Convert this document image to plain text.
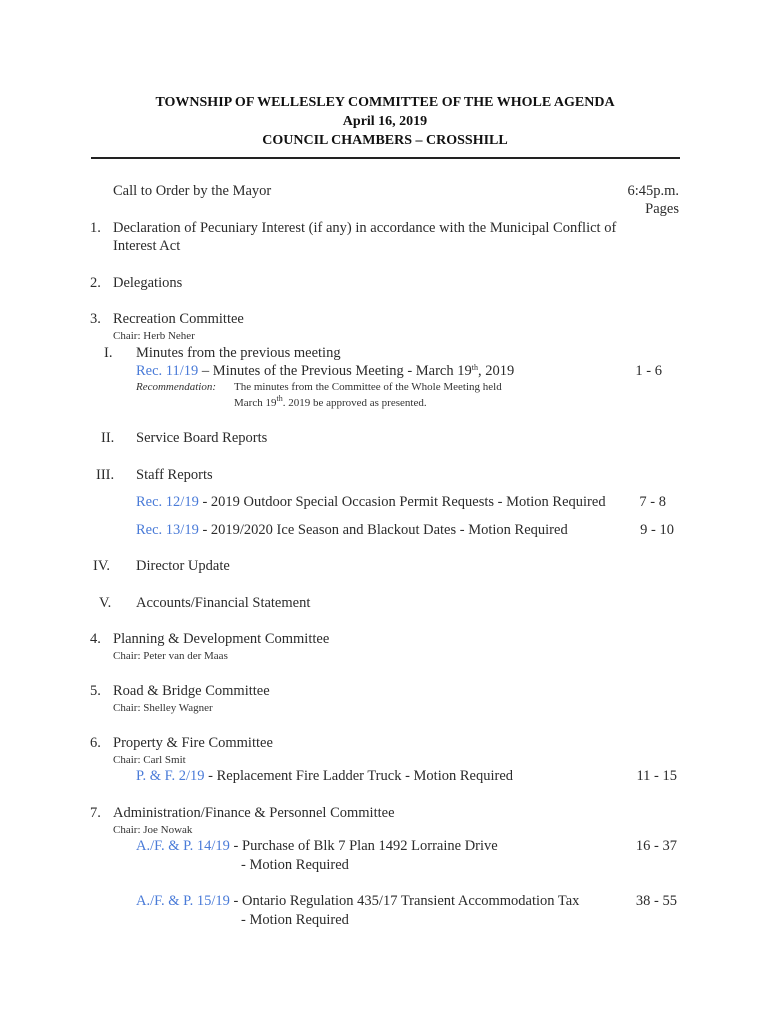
TOWNSHIP OF WELLESLEY COMMITTEE OF THE WHOLE AGENDA
April 16, 2019
COUNCIL CHAMBERS – CROSSHILL
Call to Order by the Mayor	6:45p.m.
Pages
1. Declaration of Pecuniary Interest (if any) in accordance with the Municipal Conflict of
Interest Act
2. Delegations
3. Recreation Committee
Chair: Herb Neher
I. Minutes from the previous meeting
Rec. 11/19 – Minutes of the Previous Meeting - March 19th, 2019	1 - 6
Recommendation: The minutes from the Committee of the Whole Meeting held
March 19th. 2019 be approved as presented.
II. Service Board Reports
III. Staff Reports
Rec. 12/19 - 2019 Outdoor Special Occasion Permit Requests - Motion Required	7 - 8
Rec. 13/19 - 2019/2020 Ice Season and Blackout Dates - Motion Required	9 - 10
IV. Director Update
V. Accounts/Financial Statement
4. Planning & Development Committee
Chair: Peter van der Maas
5. Road & Bridge Committee
Chair: Shelley Wagner
6. Property & Fire Committee
Chair: Carl Smit
P. & F. 2/19 - Replacement Fire Ladder Truck - Motion Required	11 - 15
7. Administration/Finance & Personnel Committee
Chair: Joe Nowak
A./F. & P. 14/19 - Purchase of Blk 7 Plan 1492 Lorraine Drive	16 - 37
- Motion Required
A./F. & P. 15/19 - Ontario Regulation 435/17 Transient Accommodation Tax	38 - 55
- Motion Required
